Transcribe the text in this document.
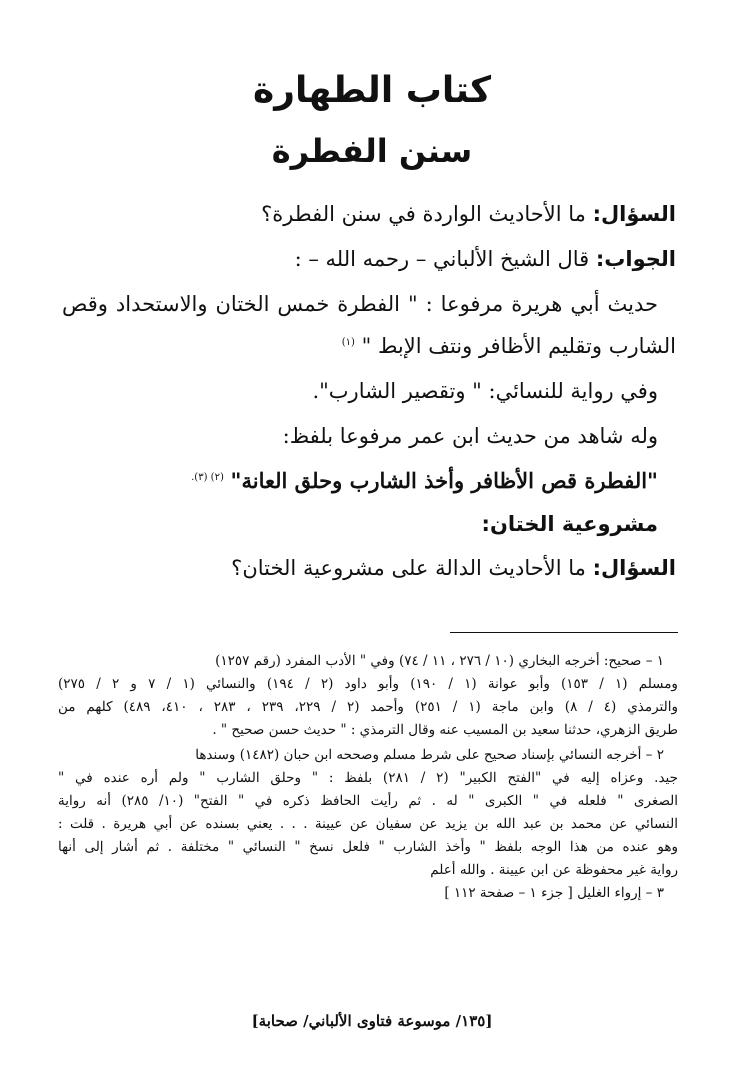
كتاب الطهارة
سنن الفطرة
السؤال: ما الأحاديث الواردة في سنن الفطرة؟
الجواب: قال الشيخ الألباني – رحمه الله – :
حديث أبي هريرة مرفوعا : " الفطرة خمس الختان والاستحداد وقص
الشارب وتقليم الأظافر ونتف الإبط " $^{(١)}$
وفي رواية للنسائي: " وتقصير الشارب".
وله شاهد من حديث ابن عمر مرفوعا بلفظ:
"الفطرة قص الأظافر وأخذ الشارب وحلق العانة" $^{(٢) (٣).}$
مشروعية الختان:
السؤال: ما الأحاديث الدالة على مشروعية الختان؟
١ – صحيح: أخرجه البخاري (١٠ / ٢٧٦ ، ١١ / ٧٤) وفي " الأدب المفرد (رقم ١٢٥٧)
ومسلم (١ / ١٥٣) وأبو عوانة (١ / ١٩٠) وأبو داود (٢ / ١٩٤) والنسائي (١ / ٧ و ٢ / ٢٧٥)
والترمذي (٤ / ٨) وابن ماجة (١ / ٢٥١) وأحمد (٢ / ٢٢٩، ٢٣٩ ، ٢٨٣ ، ٤١٠، ٤٨٩) كلهم من
طريق الزهري، حدثنا سعيد بن المسيب عنه وقال الترمذي : " حديث حسن صحيح " .
٢ – أخرجه النسائي بإسناد صحيح على شرط مسلم وصححه ابن حبان (١٤٨٢) وسندها
جيد. وعزاه إليه في "الفتح الكبير" (٢ / ٢٨١) بلفظ : " وحلق الشارب " ولم أره عنده في "
الصغرى " فلعله في " الكبرى " له . ثم رأيت الحافظ ذكره في " الفتح" (١٠/ ٢٨٥) أنه رواية
النسائي عن محمد بن عبد الله بن يزيد عن سفيان عن عيينة . . . يعني بسنده عن أبي هريرة . قلت :
وهو عنده من هذا الوجه بلفظ " وأخذ الشارب " فلعل نسخ " النسائي " مختلفة . ثم أشار إلى أنها
رواية غير محفوظة عن ابن عيينة . والله أعلم
٣ – إرواء الغليل [ جزء ١ – صفحة ١١٢ ]
[١٣٥/ موسوعة فتاوى الألباني/ صحابة]
